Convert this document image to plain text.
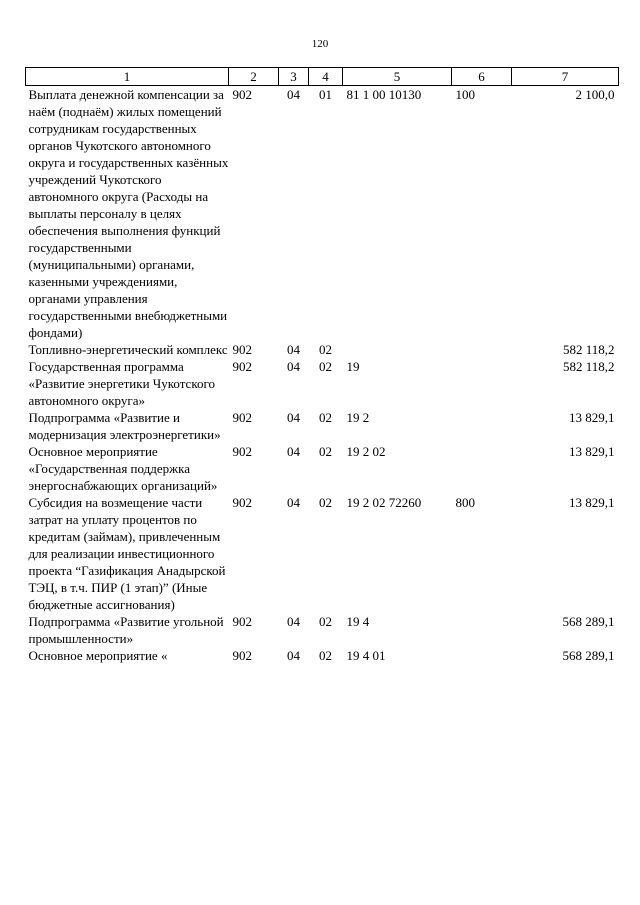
120
1	2	3	4	5	6	7
Выплата денежной компенсации за наём (поднаём) жилых помещений сотрудникам государственных органов Чукотского автономного округа и государственных казённых учреждений Чукотского автономного округа (Расходы на выплаты персоналу в целях обеспечения выполнения функций государственными (муниципальными) органами, казенными учреждениями, органами управления государственными внебюджетными фондами)	902	04	01	81 1 00 10130	100	2 100,0
Топливно-энергетический комплекс	902	04	02			582 118,2
Государственная программа «Развитие энергетики Чукотского автономного округа»	902	04	02	19		582 118,2
Подпрограмма «Развитие и модернизация электроэнергетики»	902	04	02	19 2		13 829,1
Основное мероприятие «Государственная поддержка энергоснабжающих организаций»	902	04	02	19 2 02		13 829,1
Субсидия на возмещение части затрат на уплату процентов по кредитам (займам), привлеченным для реализации инвестиционного проекта “Газификация Анадырской ТЭЦ, в т.ч. ПИР (1 этап)” (Иные бюджетные ассигнования)	902	04	02	19 2 02 72260	800	13 829,1
Подпрограмма «Развитие угольной промышленности»	902	04	02	19 4		568 289,1
Основное мероприятие «	902	04	02	19 4 01		568 289,1
